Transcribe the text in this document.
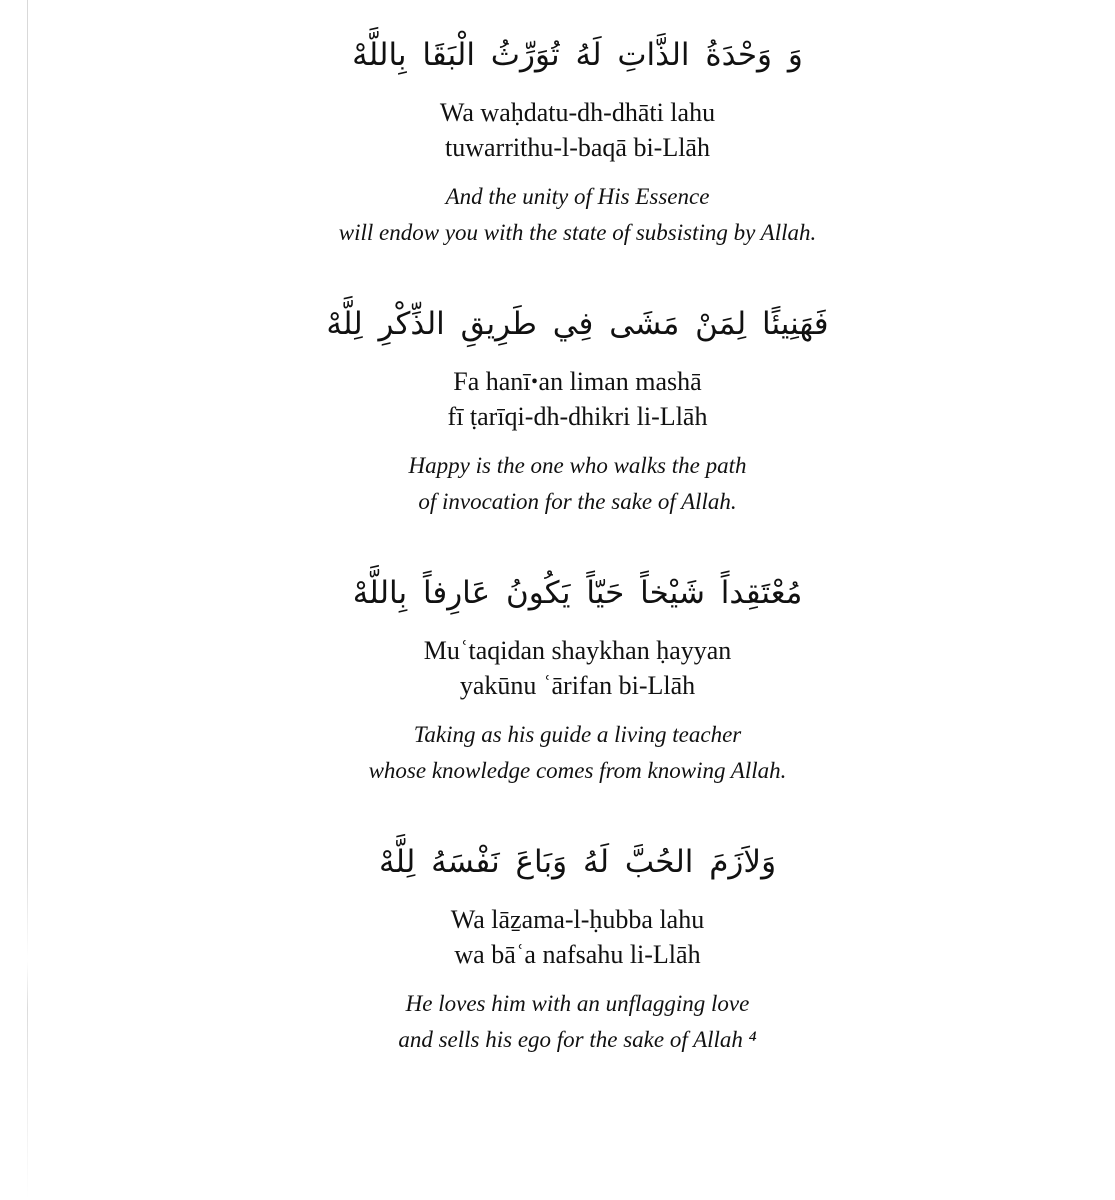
وَ وَحْدَةُ الذَّاتِ لَهُ تُوَرِّثُ الْبَقَا بِاللَّهْ
Wa waḥdatu-dh-dhāti lahu
tuwarrithu-l-baqā bi-Llāh
And the unity of His Essence
will endow you with the state of subsisting by Allah.
فَهَنِيئًا لِمَنْ مَشَى فِي طَرِيقِ الذِّكْرِ لِلَّهْ
Fa hanīꞏan liman mashā
fī ṭarīqi-dh-dhikri li-Llāh
Happy is the one who walks the path
of invocation for the sake of Allah.
مُعْتَقِداً شَيْخاً حَيّاً يَكُونُ عَارِفاً بِاللَّهْ
Muʿtaqidan shaykhan ḥayyan
yakūnu ʿārifan bi-Llāh
Taking as his guide a living teacher
whose knowledge comes from knowing Allah.
وَلاَزَمَ الحُبَّ لَهُ وَبَاعَ نَفْسَهُ لِلَّهْ
Wa lāẕama-l-ḥubba lahu
wa bāʿa nafsahu li-Llāh
He loves him with an unflagging love
and sells his ego for the sake of Allah ⁴
